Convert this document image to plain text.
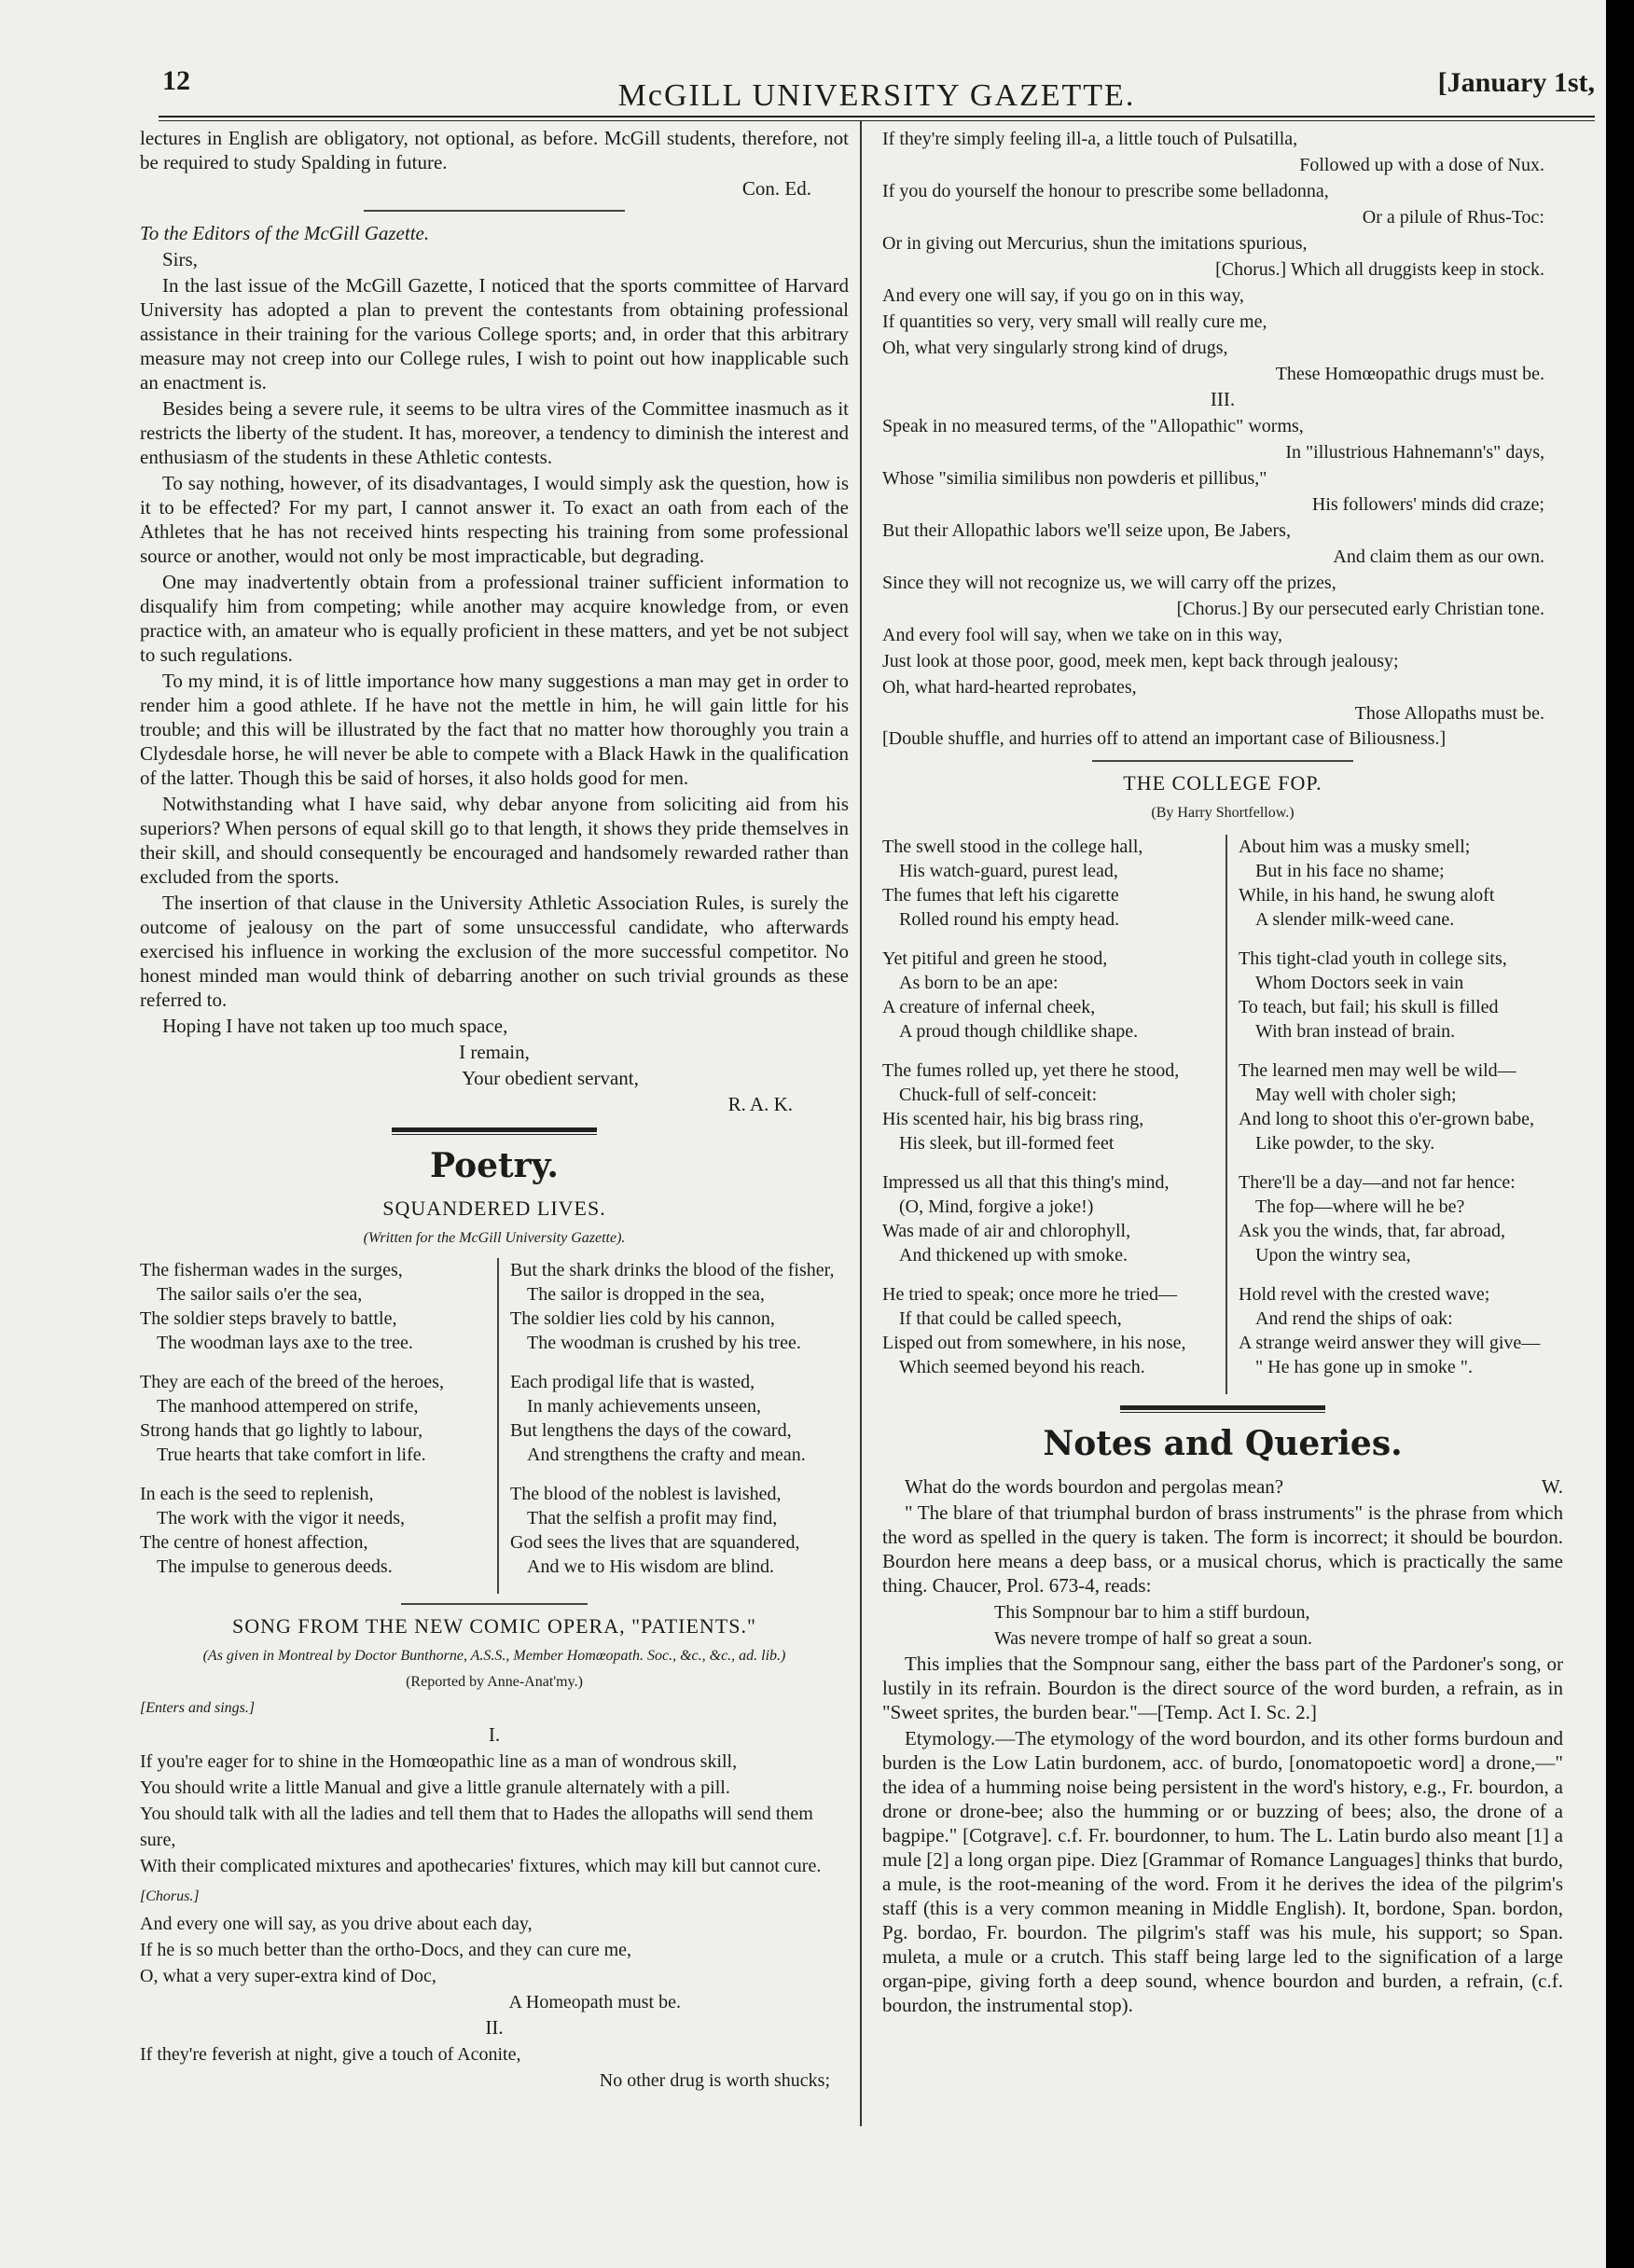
12	McGILL UNIVERSITY GAZETTE.	[January 1st,

lectures in English are obligatory, not optional, as before. McGill students, therefore, not be required to study Spalding in future.

Con. Ed.

To the Editors of the McGill Gazette.

Sirs,

In the last issue of the McGill Gazette, I noticed that the sports committee of Harvard University has adopted a plan to prevent the contestants from obtaining professional assistance in their training for the various College sports; and, in order that this arbitrary measure may not creep into our College rules, I wish to point out how inapplicable such an enactment is.

Besides being a severe rule, it seems to be ultra vires of the Committee inasmuch as it restricts the liberty of the student. It has, moreover, a tendency to diminish the interest and enthusiasm of the students in these Athletic contests.

To say nothing, however, of its disadvantages, I would simply ask the question, how is it to be effected? For my part, I cannot answer it. To exact an oath from each of the Athletes that he has not received hints respecting his training from some professional source or another, would not only be most impracticable, but degrading.

One may inadvertently obtain from a professional trainer sufficient information to disqualify him from competing; while another may acquire knowledge from, or even practice with, an amateur who is equally proficient in these matters, and yet be not subject to such regulations.

To my mind, it is of little importance how many suggestions a man may get in order to render him a good athlete. If he have not the mettle in him, he will gain little for his trouble; and this will be illustrated by the fact that no matter how thoroughly you train a Clydesdale horse, he will never be able to compete with a Black Hawk in the qualification of the latter. Though this be said of horses, it also holds good for men.

Notwithstanding what I have said, why debar anyone from soliciting aid from his superiors? When persons of equal skill go to that length, it shows they pride themselves in their skill, and should consequently be encouraged and handsomely rewarded rather than excluded from the sports.

The insertion of that clause in the University Athletic Association Rules, is surely the outcome of jealousy on the part of some unsuccessful candidate, who afterwards exercised his influence in working the exclusion of the more successful competitor. No honest minded man would think of debarring another on such trivial grounds as these referred to.

Hoping I have not taken up too much space,

I remain,

Your obedient servant,

R. A. K.

Poetry.

SQUANDERED LIVES.

(Written for the McGill University Gazette).

The fisherman wades in the surges,
The sailor sails o'er the sea,
The soldier steps bravely to battle,
The woodman lays axe to the tree.
They are each of the breed of the heroes,
The manhood attempered on strife,
Strong hands that go lightly to labour,
True hearts that take comfort in life.
In each is the seed to replenish,
The work with the vigor it needs,
The centre of honest affection,
The impulse to generous deeds.
But the shark drinks the blood of the fisher,
The sailor is dropped in the sea,
The soldier lies cold by his cannon,
The woodman is crushed by his tree.
Each prodigal life that is wasted,
In manly achievements unseen,
But lengthens the days of the coward,
And strengthens the crafty and mean.
The blood of the noblest is lavished,
That the selfish a profit may find,
God sees the lives that are squandered,
And we to His wisdom are blind.

SONG FROM THE NEW COMIC OPERA, "PATIENTS."

(As given in Montreal by Doctor Bunthorne, A.S.S., Member Homœopath. Soc., &c., &c., ad. lib.)

(Reported by Anne-Anat'my.)

[Enters and sings.]

I.

If you're eager for to shine in the Homœopathic line as a man of wondrous skill,
You should write a little Manual and give a little granule alternately with a pill.
You should talk with all the ladies and tell them that to Hades the allopaths will send them sure,
With their complicated mixtures and apothecaries' fixtures, which may kill but cannot cure.

[Chorus.]

And every one will say, as you drive about each day,
If he is so much better than the ortho-Docs, and they can cure me,
O, what a very super-extra kind of Doc,
A Homeopath must be.

II.

If they're feverish at night, give a touch of Aconite,
No other drug is worth shucks;
If they're simply feeling ill-a, a little touch of Pulsatilla,
Followed up with a dose of Nux.
If you do yourself the honour to prescribe some belladonna,
Or a pilule of Rhus-Toc:
Or in giving out Mercurius, shun the imitations spurious,
[Chorus.] Which all druggists keep in stock.
And every one will say, if you go on in this way,
If quantities so very, very small will really cure me,
Oh, what very singularly strong kind of drugs,
These Homœopathic drugs must be.

III.

Speak in no measured terms, of the "Allopathic" worms,
In "illustrious Hahnemann's" days,
Whose "similia similibus non powderis et pillibus,"
His followers' minds did craze;
But their Allopathic labors we'll seize upon, Be Jabers,
And claim them as our own.
Since they will not recognize us, we will carry off the prizes,
[Chorus.] By our persecuted early Christian tone.
And every fool will say, when we take on in this way,
Just look at those poor, good, meek men, kept back through jealousy;
Oh, what hard-hearted reprobates,
Those Allopaths must be.

[Double shuffle, and hurries off to attend an important case of Biliousness.]

THE COLLEGE FOP.

(By Harry Shortfellow.)

The swell stood in the college hall,
His watch-guard, purest lead,
The fumes that left his cigarette
Rolled round his empty head.
Yet pitiful and green he stood,
As born to be an ape:
A creature of infernal cheek,
A proud though childlike shape.
The fumes rolled up, yet there he stood,
Chuck-full of self-conceit:
His scented hair, his big brass ring,
His sleek, but ill-formed feet
Impressed us all that this thing's mind,
(O, Mind, forgive a joke!)
Was made of air and chlorophyll,
And thickened up with smoke.
He tried to speak; once more he tried—
If that could be called speech,
Lisped out from somewhere, in his nose,
Which seemed beyond his reach.
About him was a musky smell;
But in his face no shame;
While, in his hand, he swung aloft
A slender milk-weed cane.
This tight-clad youth in college sits,
Whom Doctors seek in vain
To teach, but fail; his skull is filled
With bran instead of brain.
The learned men may well be wild—
May well with choler sigh;
And long to shoot this o'er-grown babe,
Like powder, to the sky.
There'll be a day—and not far hence:
The fop—where will he be?
Ask you the winds, that, far abroad,
Upon the wintry sea,
Hold revel with the crested wave;
And rend the ships of oak:
A strange weird answer they will give—
" He has gone up in smoke ".
Notes and Queries.

What do the words bourdon and pergolas mean?	W.

" The blare of that triumphal burdon of brass instruments" is the phrase from which the word as spelled in the query is taken. The form is incorrect; it should be bourdon. Bourdon here means a deep bass, or a musical chorus, which is practically the same thing. Chaucer, Prol. 673-4, reads:

This Sompnour bar to him a stiff burdoun,
Was nevere trompe of half so great a soun.

This implies that the Sompnour sang, either the bass part of the Pardoner's song, or lustily in its refrain. Bourdon is the direct source of the word burden, a refrain, as in "Sweet sprites, the burden bear."—[Temp. Act I. Sc. 2.]

Etymology.—The etymology of the word bourdon, and its other forms burdoun and burden is the Low Latin burdonem, acc. of burdo, [onomatopoetic word] a drone,—" the idea of a humming noise being persistent in the word's history, e.g., Fr. bourdon, a drone or drone-bee; also the humming or or buzzing of bees; also, the drone of a bagpipe." [Cotgrave]. c.f. Fr. bourdonner, to hum. The L. Latin burdo also meant [1] a mule [2] a long organ pipe. Diez [Grammar of Romance Languages] thinks that burdo, a mule, is the root-meaning of the word. From it he derives the idea of the pilgrim's staff (this is a very common meaning in Middle English). It, bordone, Span. bordon, Pg. bordao, Fr. bourdon. The pilgrim's staff was his mule, his support; so Span. muleta, a mule or a crutch. This staff being large led to the signification of a large organ-pipe, giving forth a deep sound, whence bourdon and burden, a refrain, (c.f. bourdon, the instrumental stop).
